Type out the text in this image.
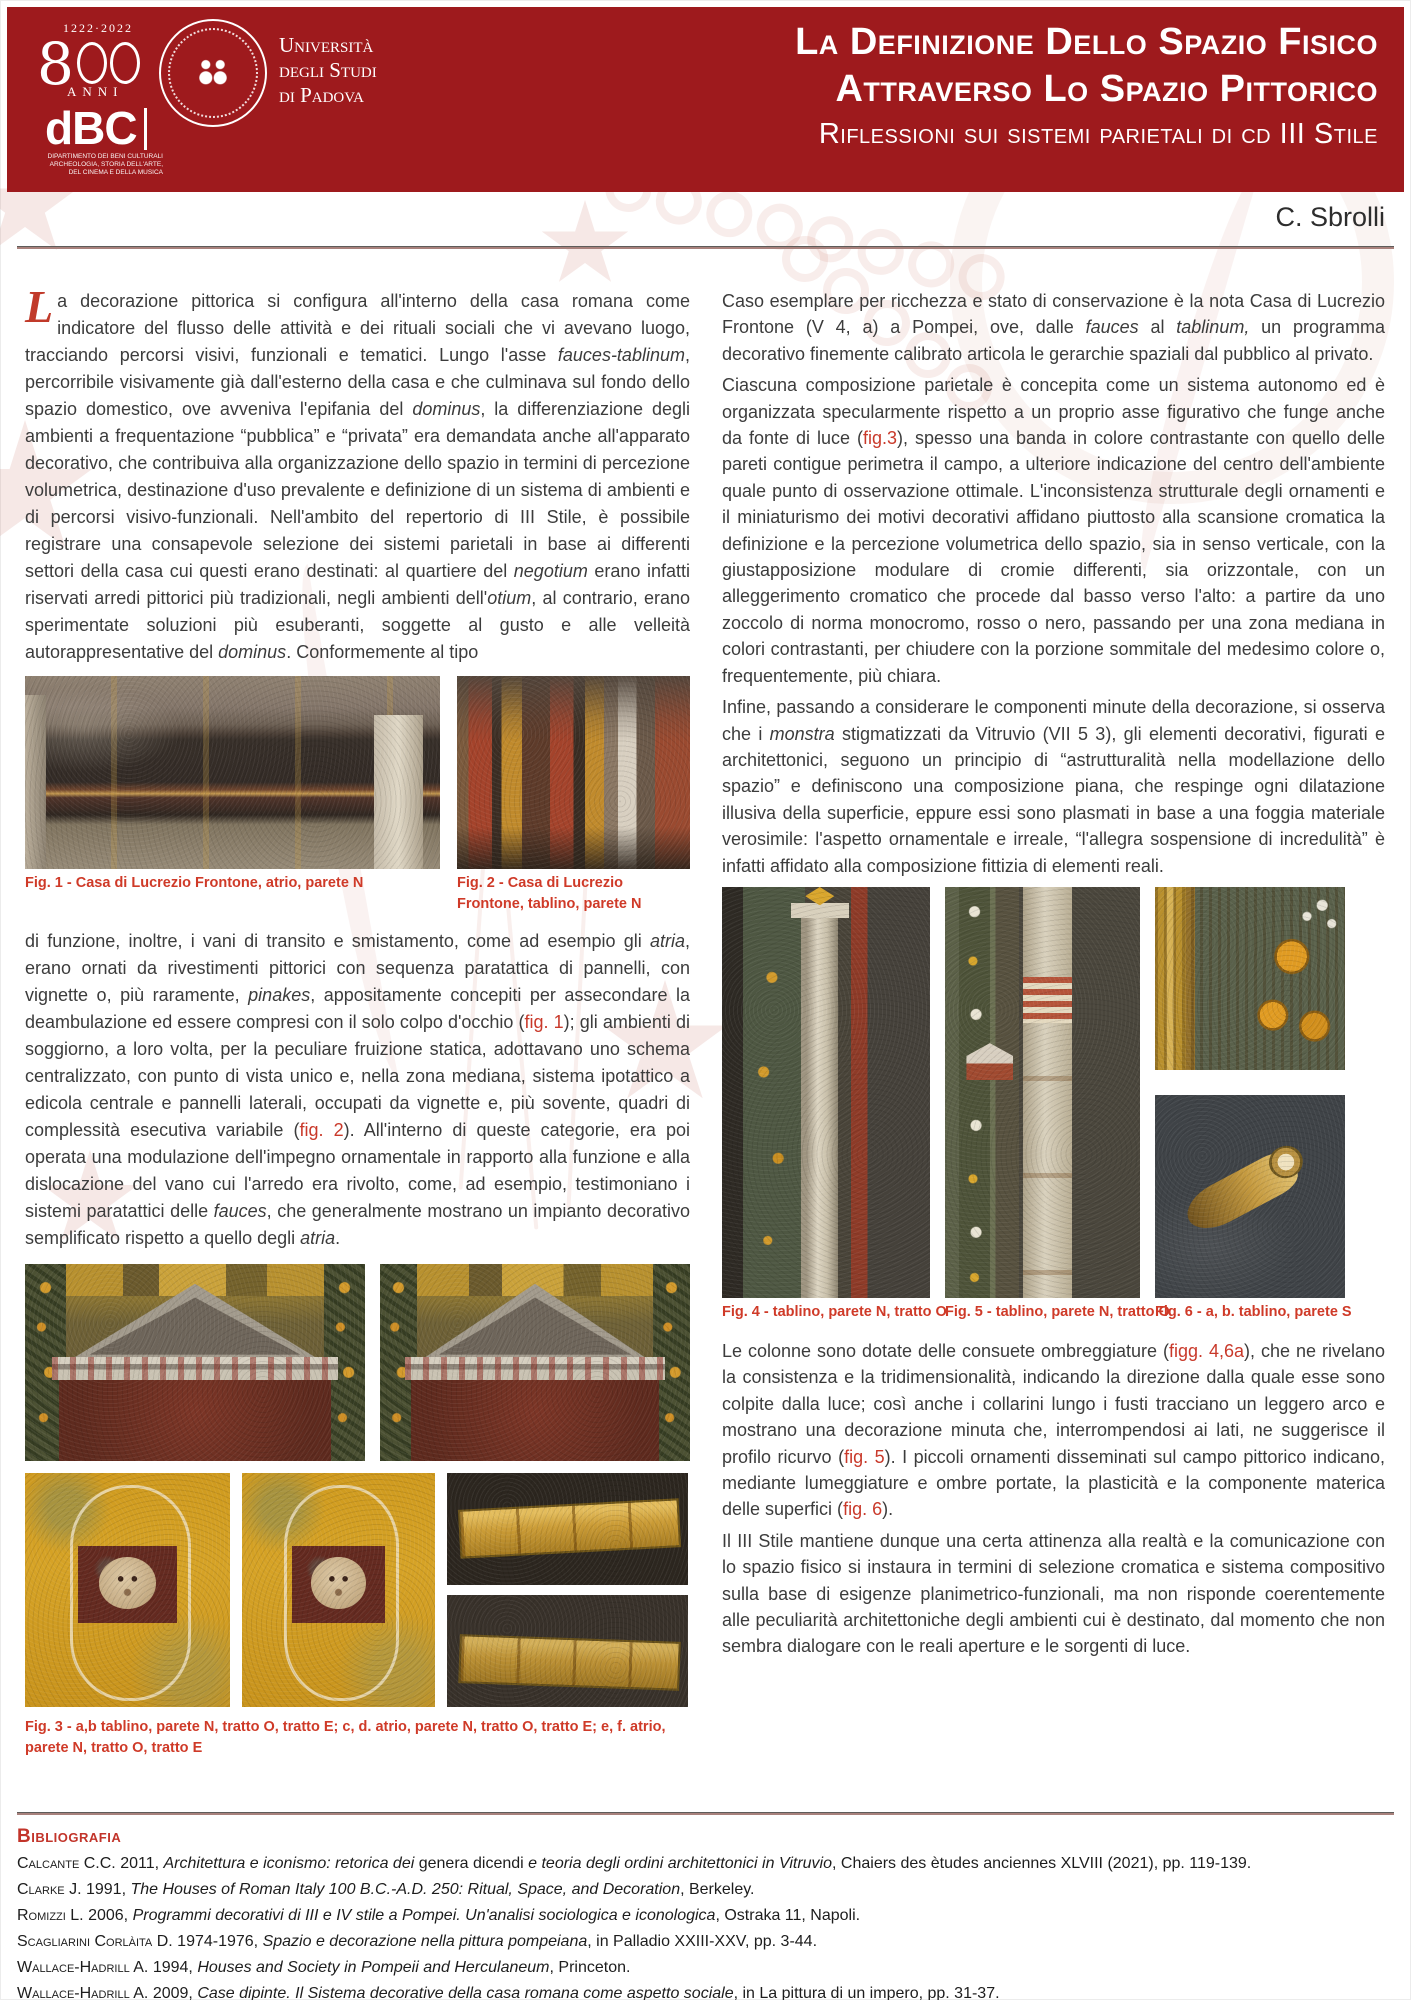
1222·2022
8
ANNI
Università
degli Studi
di Padova
dBC
DIPARTIMENTO DEI BENI CULTURALI ARCHEOLOGIA, STORIA DELL'ARTE, DEL CINEMA E DELLA MUSICA
La Definizione Dello Spazio Fisico
Attraverso Lo Spazio Pittorico
Riflessioni sui sistemi parietali di cd III Stile
C. Sbrolli

La decorazione pittorica si configura all'interno della casa romana come indicatore del flusso delle attività e dei rituali sociali che vi avevano luogo, tracciando percorsi visivi, funzionali e tematici. Lungo l'asse fauces-tablinum, percorribile visivamente già dall'esterno della casa e che culminava sul fondo dello spazio domestico, ove avveniva l'epifania del dominus, la differenziazione degli ambienti a frequentazione “pubblica” e “privata” era demandata anche all'apparato decorativo, che contribuiva alla organizzazione dello spazio in termini di percezione volumetrica, destinazione d'uso prevalente e definizione di un sistema di ambienti e di percorsi visivo-funzionali. Nell'ambito del repertorio di III Stile, è possibile registrare una consapevole selezione dei sistemi parietali in base ai differenti settori della casa cui questi erano destinati: al quartiere del negotium erano infatti riservati arredi pittorici più tradizionali, negli ambienti dell'otium, al contrario, erano sperimentate soluzioni più esuberanti, soggette al gusto e alle velleità autorappresentative del dominus. Conformemente al tipo

Fig. 1 - Casa di Lucrezio Frontone, atrio, parete N	Fig. 2 - Casa di Lucrezio Frontone, tablino, parete N

di funzione, inoltre, i vani di transito e smistamento, come ad esempio gli atria, erano ornati da rivestimenti pittorici con sequenza paratattica di pannelli, con vignette o, più raramente, pinakes, appositamente concepiti per assecondare la deambulazione ed essere compresi con il solo colpo d'occhio (fig. 1); gli ambienti di soggiorno, a loro volta, per la peculiare fruizione statica, adottavano uno schema centralizzato, con punto di vista unico e, nella zona mediana, sistema ipotattico a edicola centrale e pannelli laterali, occupati da vignette e, più sovente, quadri di complessità esecutiva variabile (fig. 2). All'interno di queste categorie, era poi operata una modulazione dell'impegno ornamentale in rapporto alla funzione e alla dislocazione del vano cui l'arredo era rivolto, come, ad esempio, testimoniano i sistemi paratattici delle fauces, che generalmente mostrano un impianto decorativo semplificato rispetto a quello degli atria.

Fig. 3 - a,b tablino, parete N, tratto O, tratto E; c, d. atrio, parete N, tratto O, tratto E; e, f. atrio, parete N, tratto O, tratto E

Caso esemplare per ricchezza e stato di conservazione è la nota Casa di Lucrezio Frontone (V 4, a) a Pompei, ove, dalle fauces al tablinum, un programma decorativo finemente calibrato articola le gerarchie spaziali dal pubblico al privato.

Ciascuna composizione parietale è concepita come un sistema autonomo ed è organizzata specularmente rispetto a un proprio asse figurativo che funge anche da fonte di luce (fig.3), spesso una banda in colore contrastante con quello delle pareti contigue perimetra il campo, a ulteriore indicazione del centro dell'ambiente quale punto di osservazione ottimale. L'inconsistenza strutturale degli ornamenti e il miniaturismo dei motivi decorativi affidano piuttosto alla scansione cromatica la definizione e la percezione volumetrica dello spazio, sia in senso verticale, con la giustapposizione modulare di cromie differenti, sia orizzontale, con un alleggerimento cromatico che procede dal basso verso l'alto: a partire da uno zoccolo di norma monocromo, rosso o nero, passando per una zona mediana in colori contrastanti, per chiudere con la porzione sommitale del medesimo colore o, frequentemente, più chiara.

Infine, passando a considerare le componenti minute della decorazione, si osserva che i monstra stigmatizzati da Vitruvio (VII 5 3), gli elementi decorativi, figurati e architettonici, seguono un principio di “astrutturalità nella modellazione dello spazio” e definiscono una composizione piana, che respinge ogni dilatazione illusiva della superficie, eppure essi sono plasmati in base a una foggia materiale verosimile: l'aspetto ornamentale e irreale, “l'allegra sospensione di incredulità” è infatti affidato alla composizione fittizia di elementi reali.

Fig. 4 - tablino, parete N, tratto O
Fig. 5 - tablino, parete N, tratto O
Fig. 6 - a, b. tablino, parete S

Le colonne sono dotate delle consuete ombreggiature (figg. 4,6a), che ne rivelano la consistenza e la tridimensionalità, indicando la direzione dalla quale esse sono colpite dalla luce; così anche i collarini lungo i fusti tracciano un leggero arco e mostrano una decorazione minuta che, interrompendosi ai lati, ne suggerisce il profilo ricurvo (fig. 5). I piccoli ornamenti disseminati sul campo pittorico indicano, mediante lumeggiature e ombre portate, la plasticità e la componente materica delle superfici (fig. 6).

Il III Stile mantiene dunque una certa attinenza alla realtà e la comunicazione con lo spazio fisico si instaura in termini di selezione cromatica e sistema compositivo sulla base di esigenze planimetrico-funzionali, ma non risponde coerentemente alle peculiarità architettoniche degli ambienti cui è destinato, dal momento che non sembra dialogare con le reali aperture e le sorgenti di luce.

Bibliografia
Calcante C.C. 2011, Architettura e iconismo: retorica dei genera dicendi e teoria degli ordini architettonici in Vitruvio, Chaiers des ètudes anciennes XLVIII (2021), pp. 119-139.
Clarke J. 1991, The Houses of Roman Italy 100 B.C.-A.D. 250: Ritual, Space, and Decoration, Berkeley.
Romizzi L. 2006, Programmi decorativi di III e IV stile a Pompei. Un'analisi sociologica e iconologica, Ostraka 11, Napoli.
Scagliarini Corlàita D. 1974-1976, Spazio e decorazione nella pittura pompeiana, in Palladio XXIII-XXV, pp. 3-44.
Wallace-Hadrill A. 1994, Houses and Society in Pompeii and Herculaneum, Princeton.
Wallace-Hadrill A. 2009, Case dipinte. Il Sistema decorative della casa romana come aspetto sociale, in La pittura di un impero, pp. 31-37.
